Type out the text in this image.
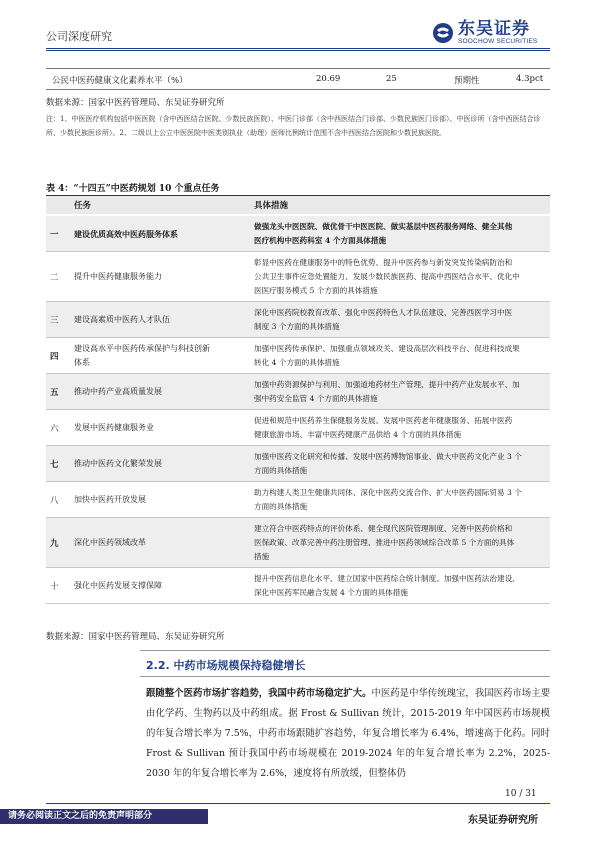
公司深度研究	东吴证券
SOOCHOW SECURITIES
公民中医药健康文化素养水平（%）	20.69	25	预期性	4.3pct
数据来源：国家中医药管理局、东吴证券研究所
注：1、中医医疗机构包括中医医院（含中西医结合医院、少数民族医院）、中医门诊部（含中西医结合门诊部、少数民族医门诊部）、中医诊所（含中西医结合诊所、少数民族医诊所）。2、二级以上公立中医医院中医类别执业（助理）医师比例统计范围不含中西医结合医院和少数民族医院。
表 4：“十四五”中医药规划 10 个重点任务
任务	具体措施
一 建设优质高效中医药服务体系
做强龙头中医医院、做优骨干中医医院、做实基层中医药服务网络、健全其他
医疗机构中医药科室 4 个方面具体措施
二 提升中医药健康服务能力
彰显中医药在健康服务中的特色优势、提升中医药参与新发突发传染病防治和
公共卫生事件应急处置能力、发展少数民族医药、提高中西医结合水平、优化中
医医疗服务模式 5 个方面的具体措施
三 建设高素质中医药人才队伍
深化中医药院校教育改革、强化中医药特色人才队伍建设、完善西医学习中医
制度 3 个方面的具体措施
四
建设高水平中医药传承保护与科技创新
体系
加强中医药传承保护、加强重点领域攻关、建设高层次科技平台、促进科技成果
转化 4 个方面的具体措施
五 推动中药产业高质量发展
加强中药资源保护与利用、加强道地药材生产管理、提升中药产业发展水平、加
强中药安全监管 4 个方面的具体措施
六 发展中医药健康服务业
促进和规范中医药养生保健服务发展、发展中医药老年健康服务、拓展中医药
健康旅游市场、丰富中医药健康产品供给 4 个方面的具体措施
七 推动中医药文化繁荣发展
加强中医药文化研究和传播、发展中医药博物馆事业、做大中医药文化产业 3 个
方面的具体措施
八 加快中医药开放发展
助力构建人类卫生健康共同体、深化中医药交流合作、扩大中医药国际贸易 3 个
方面的具体措施
九 深化中医药领域改革
建立符合中医药特点的评价体系、健全现代医院管理制度、完善中医药价格和
医保政策、改革完善中药注册管理、推进中医药领域综合改革 5 个方面的具体
措施
十 强化中医药发展支撑保障
提升中医药信息化水平、建立国家中医药综合统计制度、加强中医药法治建设、
深化中医药军民融合发展 4 个方面的具体措施
数据来源：国家中医药管理局、东吴证券研究所
2.2. 中药市场规模保持稳健增长
跟随整个医药市场扩容趋势，我国中药市场稳定扩大。中医药是中华传统瑰宝，我国医药市场主要由化学药、生物药以及中药组成。据 Frost & Sullivan 统计，2015-2019 年中国医药市场规模的年复合增长率为 7.5%，中药市场跟随扩容趋势，年复合增长率为 6.4%，增速高于化药。同时 Frost & Sullivan 预计我国中药市场规模在 2019-2024 年的年复合增长率为 2.2%，2025-2030 年的年复合增长率为 2.6%，速度将有所放缓，但整体仍
10 / 31
请务必阅读正文之后的免责声明部分	东吴证券研究所
